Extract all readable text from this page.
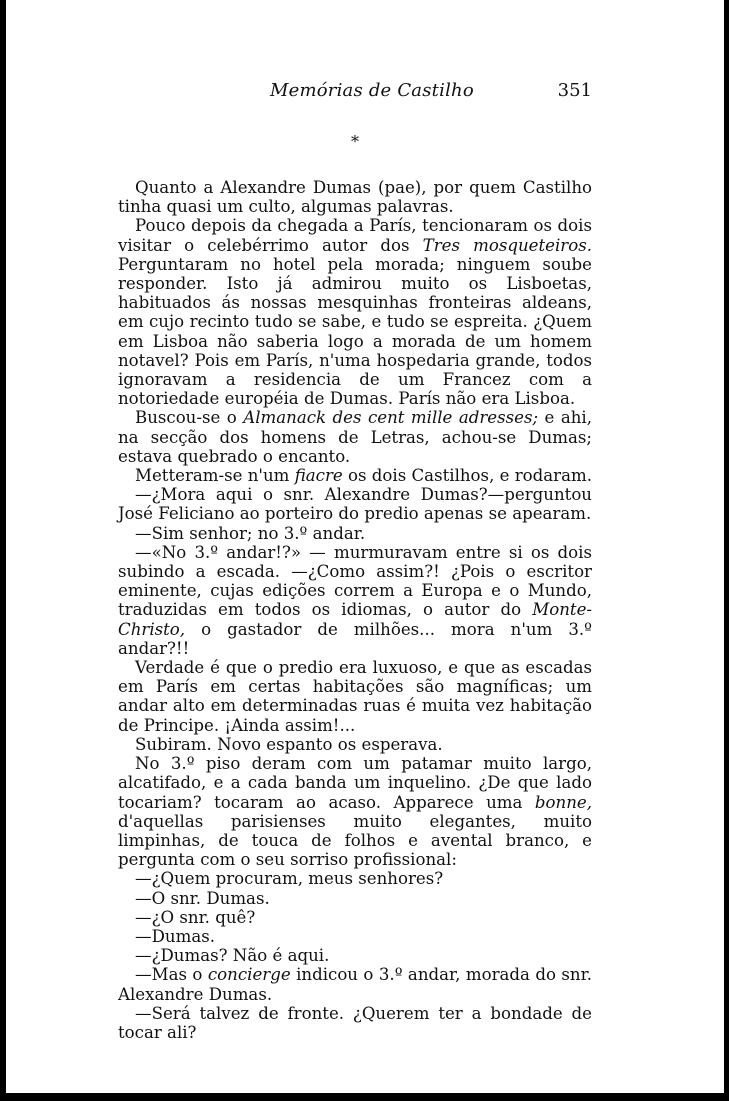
Memórias de Castilho	351
*

Quanto a Alexandre Dumas (pae), por quem Castilho tinha quasi um culto, algumas palavras.

Pouco depois da chegada a París, tencionaram os dois visitar o celebérrimo autor dos Tres mosqueteiros. Perguntaram no hotel pela morada; ninguem soube responder. Isto já admirou muito os Lisboetas, habituados ás nossas mesquinhas fronteiras aldeans, em cujo recinto tudo se sabe, e tudo se espreita. ¿Quem em Lisboa não saberia logo a morada de um homem notavel? Pois em París, n'uma hospedaria grande, todos ignoravam a residencia de um Francez com a notoriedade européia de Dumas. París não era Lisboa.

Buscou-se o Almanack des cent mille adresses; e ahi, na secção dos homens de Letras, achou-se Dumas; estava quebrado o encanto.

Metteram-se n'um fiacre os dois Castilhos, e rodaram.

—¿Mora aqui o snr. Alexandre Dumas?—perguntou José Feliciano ao porteiro do predio apenas se apearam.

—Sim senhor; no 3.º andar.

—«No 3.º andar!?» — murmuravam entre si os dois subindo a escada. —¿Como assim?! ¿Pois o escritor eminente, cujas edições correm a Europa e o Mundo, traduzidas em todos os idiomas, o autor do Monte-Christo, o gastador de milhões... mora n'um 3.º andar?!!

Verdade é que o predio era luxuoso, e que as escadas em París em certas habitações são magníficas; um andar alto em determinadas ruas é muita vez habitação de Principe. ¡Ainda assim!...

Subiram. Novo espanto os esperava.

No 3.º piso deram com um patamar muito largo, alcatifado, e a cada banda um inquelino. ¿De que lado tocariam? tocaram ao acaso. Apparece uma bonne, d'aquellas parisienses muito elegantes, muito limpinhas, de touca de folhos e avental branco, e pergunta com o seu sorriso profissional:

—¿Quem procuram, meus senhores?

—O snr. Dumas.

—¿O snr. quê?

—Dumas.

—¿Dumas? Não é aqui.

—Mas o concierge indicou o 3.º andar, morada do snr. Alexandre Dumas.

—Será talvez de fronte. ¿Querem ter a bondade de tocar ali?
